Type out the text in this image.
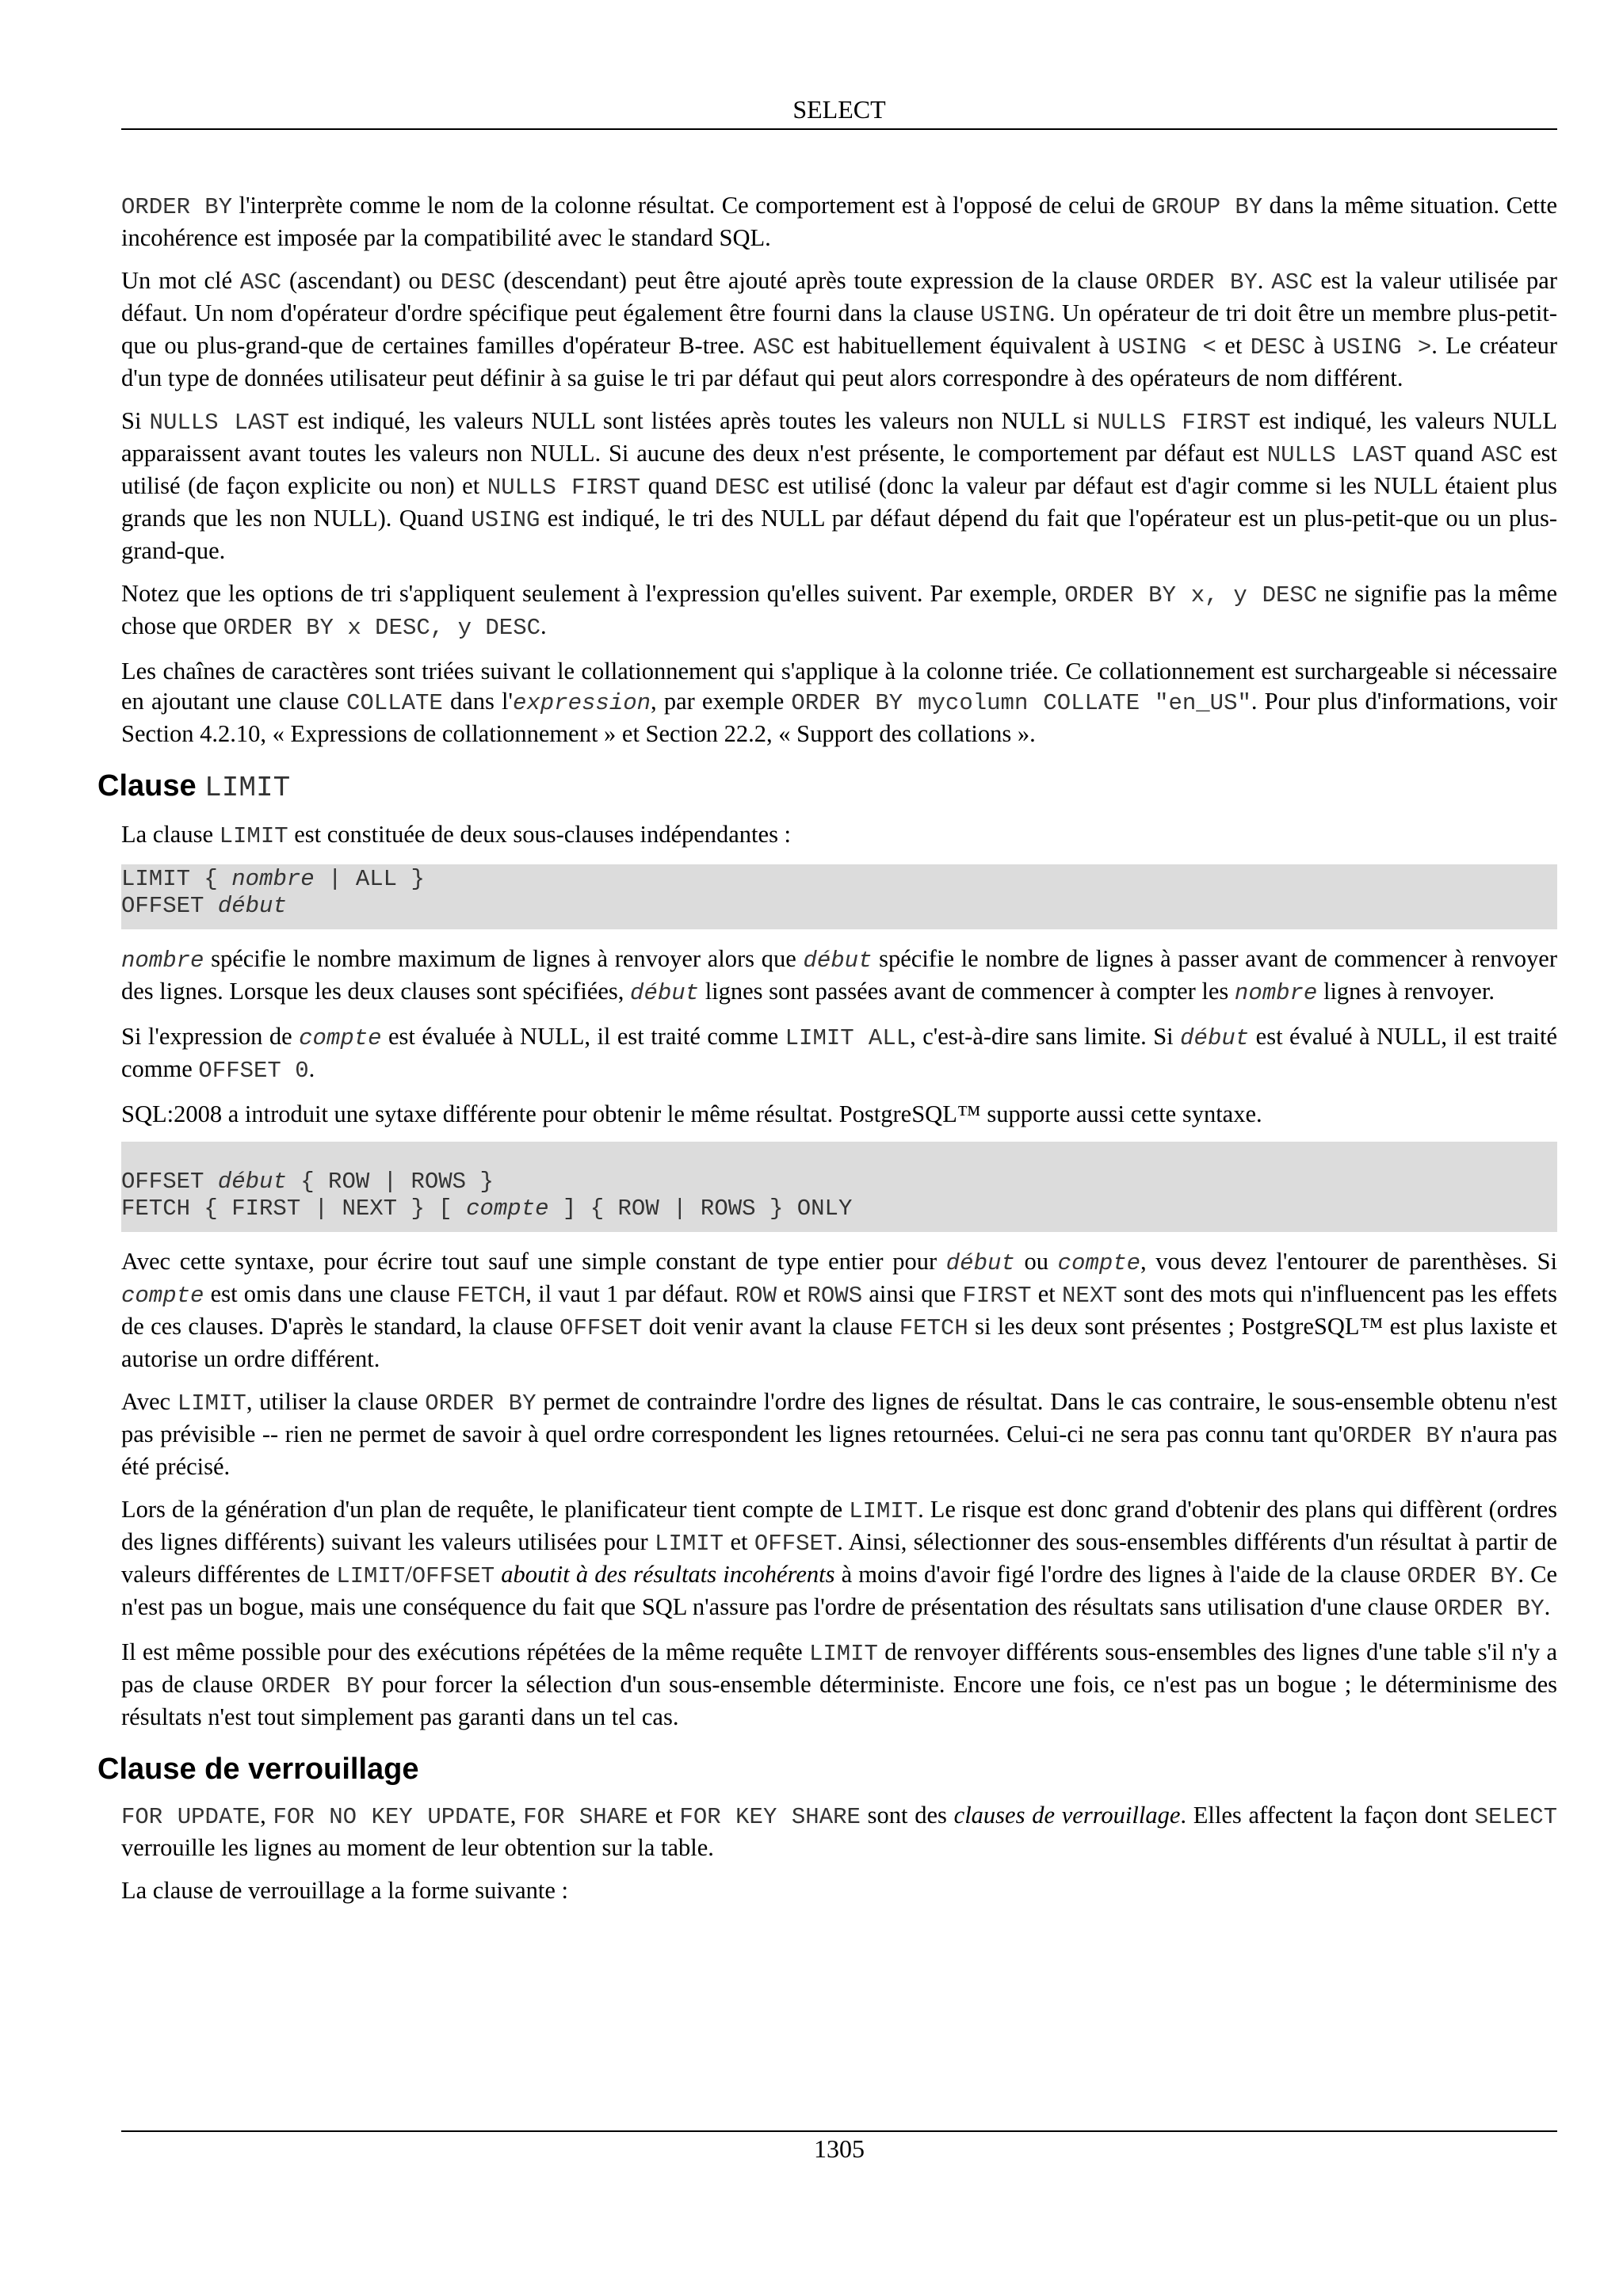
SELECT

ORDER BY l'interprète comme le nom de la colonne résultat. Ce comportement est à l'opposé de celui de GROUP BY dans la même situation. Cette incohérence est imposée par la compatibilité avec le standard SQL.

Un mot clé ASC (ascendant) ou DESC (descendant) peut être ajouté après toute expression de la clause ORDER BY. ASC est la valeur utilisée par défaut. Un nom d'opérateur d'ordre spécifique peut également être fourni dans la clause USING. Un opérateur de tri doit être un membre plus-petit-que ou plus-grand-que de certaines familles d'opérateur B-tree. ASC est habituellement équivalent à USING < et DESC à USING >. Le créateur d'un type de données utilisateur peut définir à sa guise le tri par défaut qui peut alors correspondre à des opérateurs de nom différent.

Si NULLS LAST est indiqué, les valeurs NULL sont listées après toutes les valeurs non NULL si NULLS FIRST est indiqué, les valeurs NULL apparaissent avant toutes les valeurs non NULL. Si aucune des deux n'est présente, le comportement par défaut est NULLS LAST quand ASC est utilisé (de façon explicite ou non) et NULLS FIRST quand DESC est utilisé (donc la valeur par défaut est d'agir comme si les NULL étaient plus grands que les non NULL). Quand USING est indiqué, le tri des NULL par défaut dépend du fait que l'opérateur est un plus-petit-que ou un plus-grand-que.

Notez que les options de tri s'appliquent seulement à l'expression qu'elles suivent. Par exemple, ORDER BY x, y DESC ne signifie pas la même chose que ORDER BY x DESC, y DESC.

Les chaînes de caractères sont triées suivant le collationnement qui s'applique à la colonne triée. Ce collationnement est surchargeable si nécessaire en ajoutant une clause COLLATE dans l'expression, par exemple ORDER BY mycolumn COLLATE "en_US". Pour plus d'informations, voir Section 4.2.10, « Expressions de collationnement » et Section 22.2, « Support des collations ».

Clause LIMIT

La clause LIMIT est constituée de deux sous-clauses indépendantes :

LIMIT { nombre | ALL }
OFFSET début

nombre spécifie le nombre maximum de lignes à renvoyer alors que début spécifie le nombre de lignes à passer avant de commencer à renvoyer des lignes. Lorsque les deux clauses sont spécifiées, début lignes sont passées avant de commencer à compter les nombre lignes à renvoyer.

Si l'expression de compte est évaluée à NULL, il est traité comme LIMIT ALL, c'est-à-dire sans limite. Si début est évalué à NULL, il est traité comme OFFSET 0.

SQL:2008 a introduit une sytaxe différente pour obtenir le même résultat. PostgreSQL™ supporte aussi cette syntaxe.

OFFSET début { ROW | ROWS }
FETCH { FIRST | NEXT } [ compte ] { ROW | ROWS } ONLY

Avec cette syntaxe, pour écrire tout sauf une simple constant de type entier pour début ou compte, vous devez l'entourer de parenthèses. Si compte est omis dans une clause FETCH, il vaut 1 par défaut. ROW et ROWS ainsi que FIRST et NEXT sont des mots qui n'influencent pas les effets de ces clauses. D'après le standard, la clause OFFSET doit venir avant la clause FETCH si les deux sont présentes ; PostgreSQL™ est plus laxiste et autorise un ordre différent.

Avec LIMIT, utiliser la clause ORDER BY permet de contraindre l'ordre des lignes de résultat. Dans le cas contraire, le sous-ensemble obtenu n'est pas prévisible -- rien ne permet de savoir à quel ordre correspondent les lignes retournées. Celui-ci ne sera pas connu tant qu'ORDER BY n'aura pas été précisé.

Lors de la génération d'un plan de requête, le planificateur tient compte de LIMIT. Le risque est donc grand d'obtenir des plans qui diffèrent (ordres des lignes différents) suivant les valeurs utilisées pour LIMIT et OFFSET. Ainsi, sélectionner des sous-ensembles différents d'un résultat à partir de valeurs différentes de LIMIT/OFFSET aboutit à des résultats incohérents à moins d'avoir figé l'ordre des lignes à l'aide de la clause ORDER BY. Ce n'est pas un bogue, mais une conséquence du fait que SQL n'assure pas l'ordre de présentation des résultats sans utilisation d'une clause ORDER BY.

Il est même possible pour des exécutions répétées de la même requête LIMIT de renvoyer différents sous-ensembles des lignes d'une table s'il n'y a pas de clause ORDER BY pour forcer la sélection d'un sous-ensemble déterministe. Encore une fois, ce n'est pas un bogue ; le déterminisme des résultats n'est tout simplement pas garanti dans un tel cas.

Clause de verrouillage

FOR UPDATE, FOR NO KEY UPDATE, FOR SHARE et FOR KEY SHARE sont des clauses de verrouillage. Elles affectent la façon dont SELECT verrouille les lignes au moment de leur obtention sur la table.

La clause de verrouillage a la forme suivante :

1305
